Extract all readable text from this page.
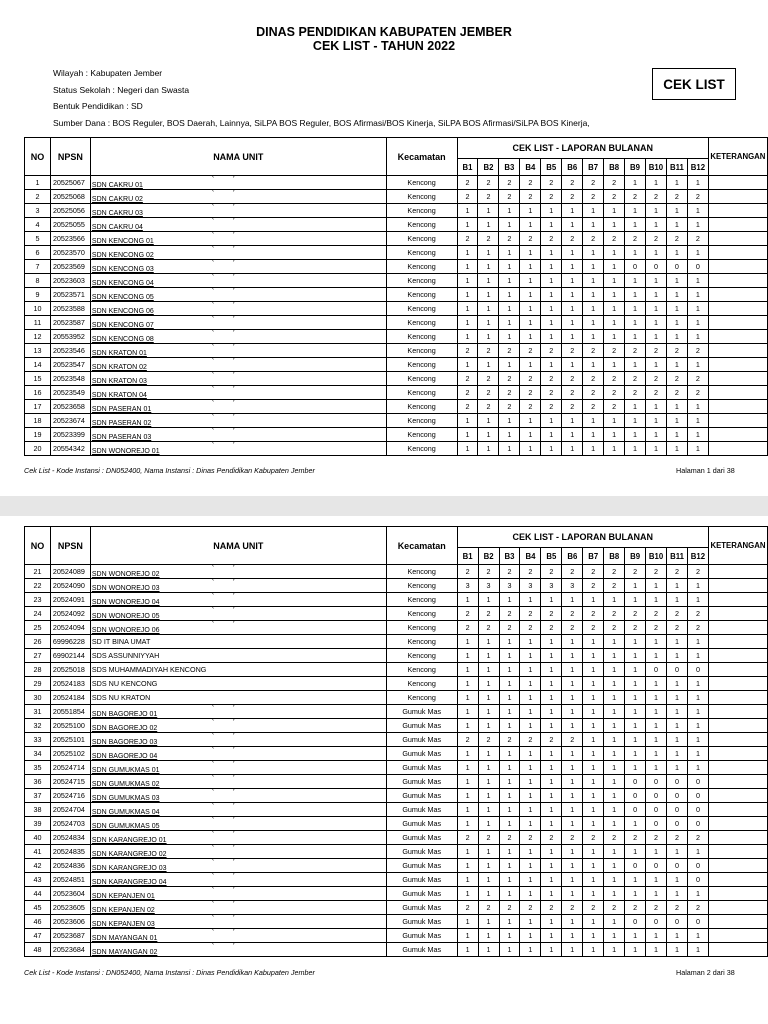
DINAS PENDIDIKAN KABUPATEN JEMBER
CEK LIST - TAHUN 2022
CEK LIST
Wilayah : Kabupaten Jember
Status Sekolah : Negeri dan Swasta
Bentuk Pendidikan : SD
Sumber Dana : BOS Reguler, BOS Daerah, Lainnya, SiLPA BOS Reguler, BOS Afirmasi/BOS Kinerja, SiLPA BOS Afirmasi/SiLPA BOS Kinerja,
NO	NPSN	NAMA UNIT	Kecamatan	CEK LIST - LAPORAN BULANAN												KETERANGAN
				B1	B2	B3	B4	B5	B6	B7	B8	B9	B10	B11	B12	
1	20525067	SDN CAKRU 01	Kencong	2	2	2	2	2	2	2	2	1	1	1	1	
2	20525068	SDN CAKRU 02	Kencong	2	2	2	2	2	2	2	2	2	2	2	2	
3	20525056	SDN CAKRU 03	Kencong	1	1	1	1	1	1	1	1	1	1	1	1	
4	20525055	SDN CAKRU 04	Kencong	1	1	1	1	1	1	1	1	1	1	1	1	
5	20523566	SDN KENCONG 01	Kencong	2	2	2	2	2	2	2	2	2	2	2	2	
6	20523570	SDN KENCONG 02	Kencong	1	1	1	1	1	1	1	1	1	1	1	1	
7	20523569	SDN KENCONG 03	Kencong	1	1	1	1	1	1	1	1	0	0	0	0	
8	20523603	SDN KENCONG 04	Kencong	1	1	1	1	1	1	1	1	1	1	1	1	
9	20523571	SDN KENCONG 05	Kencong	1	1	1	1	1	1	1	1	1	1	1	1	
10	20523588	SDN KENCONG 06	Kencong	1	1	1	1	1	1	1	1	1	1	1	1	
11	20523587	SDN KENCONG 07	Kencong	1	1	1	1	1	1	1	1	1	1	1	1	
12	20553952	SDN KENCONG 08	Kencong	1	1	1	1	1	1	1	1	1	1	1	1	
13	20523546	SDN KRATON 01	Kencong	2	2	2	2	2	2	2	2	2	2	2	2	
14	20523547	SDN KRATON 02	Kencong	1	1	1	1	1	1	1	1	1	1	1	1	
15	20523548	SDN KRATON 03	Kencong	2	2	2	2	2	2	2	2	2	2	2	2	
16	20523549	SDN KRATON 04	Kencong	2	2	2	2	2	2	2	2	2	2	2	2	
17	20523658	SDN PASERAN 01	Kencong	2	2	2	2	2	2	2	2	1	1	1	1	
18	20523674	SDN PASERAN 02	Kencong	1	1	1	1	1	1	1	1	1	1	1	1	
19	20523399	SDN PASERAN 03	Kencong	1	1	1	1	1	1	1	1	1	1	1	1	
20	20554342	SDN WONOREJO 01	Kencong	1	1	1	1	1	1	1	1	1	1	1	1	
Cek List - Kode Instansi : DN052400, Nama Instansi : Dinas Pendidikan Kabupaten Jember	Halaman 1 dari 38
NO	NPSN	NAMA UNIT	Kecamatan	CEK LIST - LAPORAN BULANAN												KETERANGAN
				B1	B2	B3	B4	B5	B6	B7	B8	B9	B10	B11	B12	
21	20524089	SDN WONOREJO 02	Kencong	2	2	2	2	2	2	2	2	2	2	2	2	
22	20524090	SDN WONOREJO 03	Kencong	3	3	3	3	3	3	2	2	1	1	1	1	
23	20524091	SDN WONOREJO 04	Kencong	1	1	1	1	1	1	1	1	1	1	1	1	
24	20524092	SDN WONOREJO 05	Kencong	2	2	2	2	2	2	2	2	2	2	2	2	
25	20524094	SDN WONOREJO 06	Kencong	2	2	2	2	2	2	2	2	2	2	2	2	
26	69996228	SD IT BINA UMAT	Kencong	1	1	1	1	1	1	1	1	1	1	1	1	
27	69902144	SDS ASSUNNIYYAH	Kencong	1	1	1	1	1	1	1	1	1	1	1	1	
28	20525018	SDS MUHAMMADIYAH KENCONG	Kencong	1	1	1	1	1	1	1	1	1	0	0	0	
29	20524183	SDS NU KENCONG	Kencong	1	1	1	1	1	1	1	1	1	1	1	1	
30	20524184	SDS NU KRATON	Kencong	1	1	1	1	1	1	1	1	1	1	1	1	
31	20551854	SDN BAGOREJO 01	Gumuk Mas	1	1	1	1	1	1	1	1	1	1	1	1	
32	20525100	SDN BAGOREJO 02	Gumuk Mas	1	1	1	1	1	1	1	1	1	1	1	1	
33	20525101	SDN BAGOREJO 03	Gumuk Mas	2	2	2	2	2	2	1	1	1	1	1	1	
34	20525102	SDN BAGOREJO 04	Gumuk Mas	1	1	1	1	1	1	1	1	1	1	1	1	
35	20524714	SDN GUMUKMAS 01	Gumuk Mas	1	1	1	1	1	1	1	1	1	1	1	1	
36	20524715	SDN GUMUKMAS 02	Gumuk Mas	1	1	1	1	1	1	1	1	0	0	0	0	
37	20524716	SDN GUMUKMAS 03	Gumuk Mas	1	1	1	1	1	1	1	1	0	0	0	0	
38	20524704	SDN GUMUKMAS 04	Gumuk Mas	1	1	1	1	1	1	1	1	0	0	0	0	
39	20524703	SDN GUMUKMAS 05	Gumuk Mas	1	1	1	1	1	1	1	1	1	0	0	0	
40	20524834	SDN KARANGREJO 01	Gumuk Mas	2	2	2	2	2	2	2	2	2	2	2	2	
41	20524835	SDN KARANGREJO 02	Gumuk Mas	1	1	1	1	1	1	1	1	1	1	1	1	
42	20524836	SDN KARANGREJO 03	Gumuk Mas	1	1	1	1	1	1	1	1	0	0	0	0	
43	20524851	SDN KARANGREJO 04	Gumuk Mas	1	1	1	1	1	1	1	1	1	1	1	0	
44	20523604	SDN KEPANJEN 01	Gumuk Mas	1	1	1	1	1	1	1	1	1	1	1	1	
45	20523605	SDN KEPANJEN 02	Gumuk Mas	2	2	2	2	2	2	2	2	2	2	2	2	
46	20523606	SDN KEPANJEN 03	Gumuk Mas	1	1	1	1	1	1	1	1	0	0	0	0	
47	20523687	SDN MAYANGAN 01	Gumuk Mas	1	1	1	1	1	1	1	1	1	1	1	1	
48	20523684	SDN MAYANGAN 02	Gumuk Mas	1	1	1	1	1	1	1	1	1	1	1	1	
Cek List - Kode Instansi : DN052400, Nama Instansi : Dinas Pendidikan Kabupaten Jember	Halaman 2 dari 38
